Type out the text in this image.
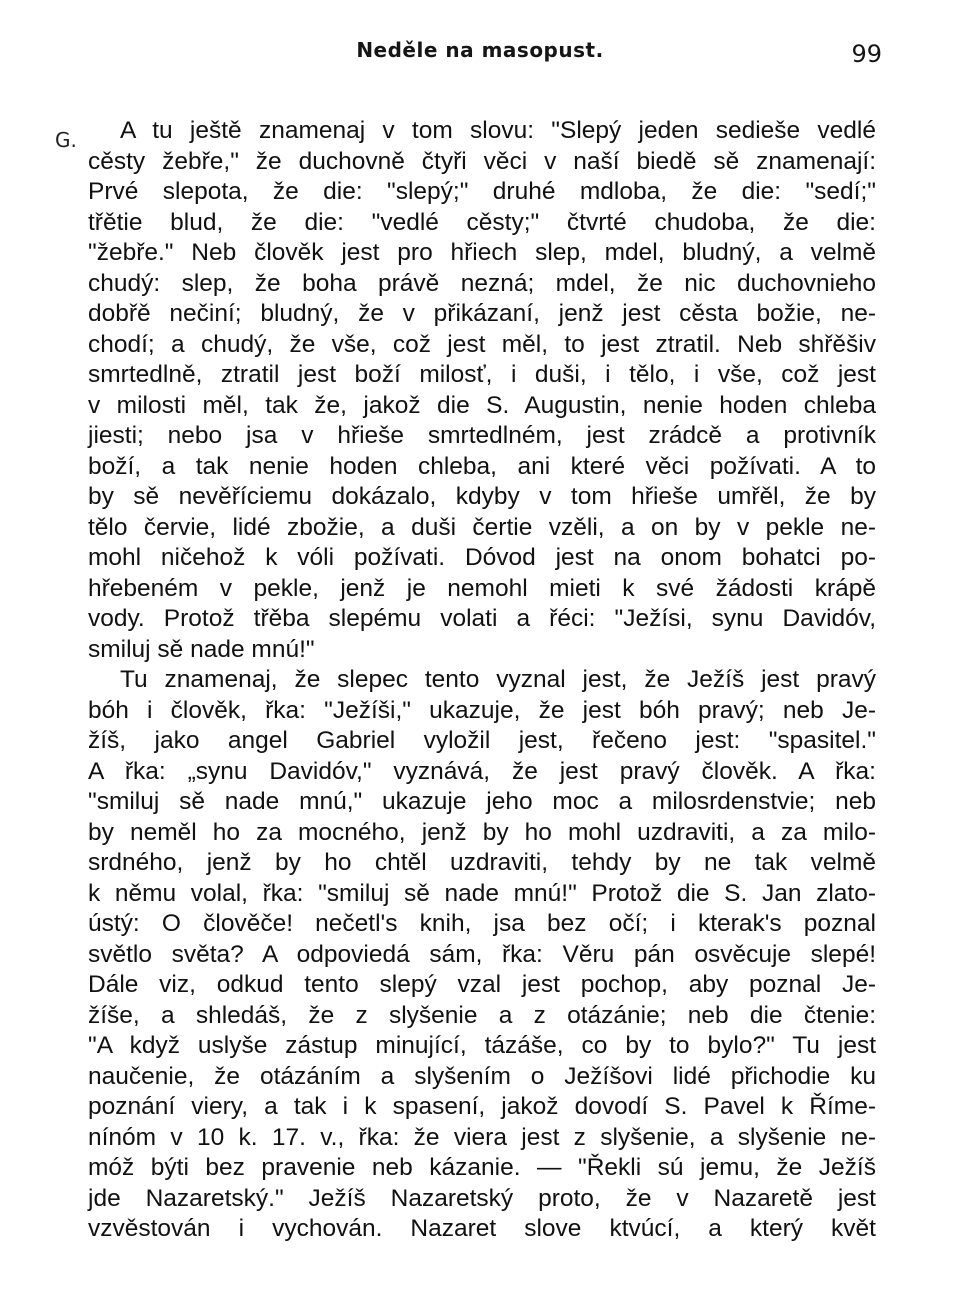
Neděle na masopust.	99
G.	A tu ještě znamenaj v tom slovu: "Slepý jeden sedieše vedlé
cěsty žebře," že duchovně čtyři věci v naší biedě sě znamenají:
Prvé slepota, že die: "slepý;" druhé mdloba, že die: "sedí;"
třětie blud, že die: "vedlé cěsty;" čtvrté chudoba, že die:
"žebře." Neb člověk jest pro hřiech slep, mdel, bludný, a velmě
chudý: slep, že boha právě nezná; mdel, že nic duchovnieho
dobřě nečiní; bludný, že v přikázaní, jenž jest cěsta božie, ne-
chodí; a chudý, že vše, což jest měl, to jest ztratil. Neb shřěšiv
smrtedlně, ztratil jest boží milosť, i duši, i tělo, i vše, což jest
v milosti měl, tak že, jakož die S. Augustin, nenie hoden chleba
jiesti; nebo jsa v hřieše smrtedlném, jest zrádcě a protivník
boží, a tak nenie hoden chleba, ani které věci požívati. A to
by sě nevěříciemu dokázalo, kdyby v tom hřieše umřěl, že by
tělo červie, lidé zbožie, a duši čertie vzěli, a on by v pekle ne-
mohl ničehož k vóli požívati. Dóvod jest na onom bohatci po-
hřebeném v pekle, jenž je nemohl mieti k své žádosti krápě
vody. Protož třěba slepému volati a řéci: "Ježísi, synu Davidóv,
smiluj sě nade mnú!"
Tu znamenaj, že slepec tento vyznal jest, že Ježíš jest pravý
bóh i člověk, řka: "Ježíši," ukazuje, že jest bóh pravý; neb Je-
žíš, jako angel Gabriel vyložil jest, řečeno jest: "spasitel."
A řka: „synu Davidóv," vyznává, že jest pravý člověk. A řka:
"smiluj sě nade mnú," ukazuje jeho moc a milosrdenstvie; neb
by neměl ho za mocného, jenž by ho mohl uzdraviti, a za milo-
srdného, jenž by ho chtěl uzdraviti, tehdy by ne tak velmě
k němu volal, řka: "smiluj sě nade mnú!" Protož die S. Jan zlato-
ústý: O člověče! nečetl's knih, jsa bez očí; i kterak's poznal
světlo světa? A odpoviedá sám, řka: Věru pán osvěcuje slepé!
Dále viz, odkud tento slepý vzal jest pochop, aby poznal Je-
žíše, a shledáš, že z slyšenie a z otázánie; neb die čtenie:
"A když uslyše zástup minující, tázáše, co by to bylo?" Tu jest
naučenie, že otázáním a slyšením o Ježíšovi lidé přichodie ku
poznání viery, a tak i k spasení, jakož dovodí S. Pavel k Říme-
nínóm v 10 k. 17. v., řka: že viera jest z slyšenie, a slyšenie ne-
móž býti bez pravenie neb kázanie. — "Řekli sú jemu, že Ježíš
jde Nazaretský." Ježíš Nazaretský proto, že v Nazaretě jest
vzvěstován i vychován. Nazaret slove ktvúcí, a který květ
